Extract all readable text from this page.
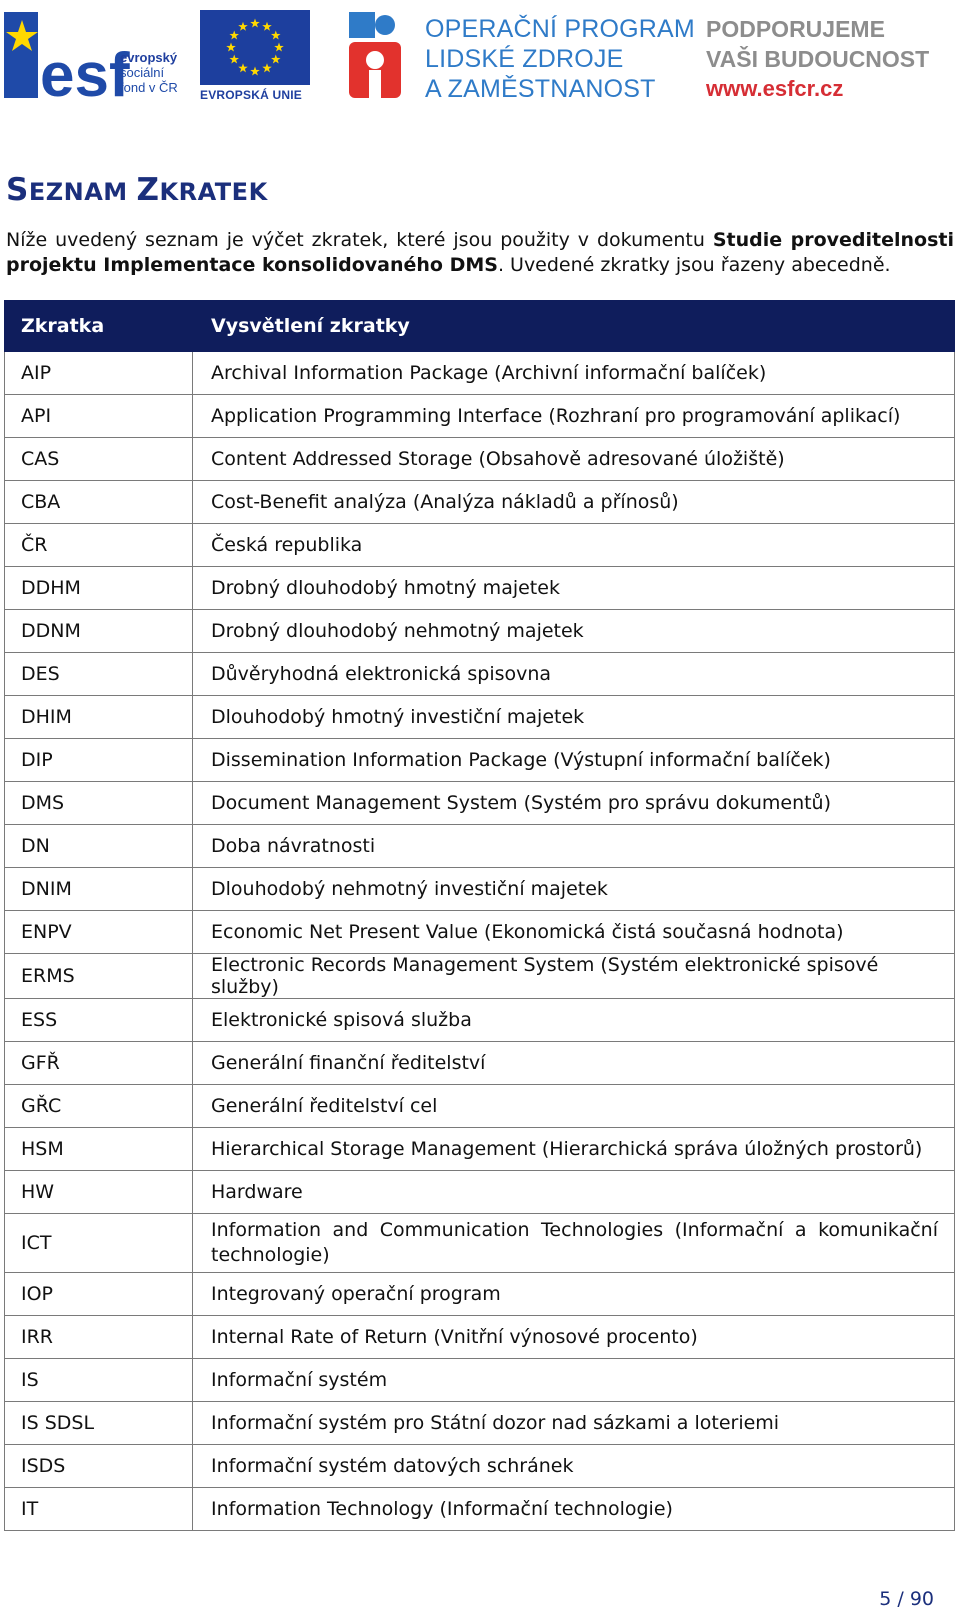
esf
evropský
sociální
fond v ČR EVROPSKÁ UNIE
OPERAČNÍ PROGRAM
LIDSKÉ ZDROJE
A ZAMĚSTNANOST
PODPORUJEME
VAŠI BUDOUCNOST
www.esfcr.cz
SEZNAM ZKRATEK
Níže uvedený seznam je výčet zkratek, které jsou použity v dokumentu Studie proveditelnosti projektu Implementace konsolidovaného DMS. Uvedené zkratky jsou řazeny abecedně.
Zkratka	Vysvětlení zkratky
AIP	Archival Information Package (Archivní informační balíček)
API	Application Programming Interface (Rozhraní pro programování aplikací)
CAS	Content Addressed Storage (Obsahově adresované úložiště)
CBA	Cost-Benefit analýza (Analýza nákladů a přínosů)
ČR	Česká republika
DDHM	Drobný dlouhodobý hmotný majetek
DDNM	Drobný dlouhodobý nehmotný majetek
DES	Důvěryhodná elektronická spisovna
DHIM	Dlouhodobý hmotný investiční majetek
DIP	Dissemination Information Package (Výstupní informační balíček)
DMS	Document Management System (Systém pro správu dokumentů)
DN	Doba návratnosti
DNIM	Dlouhodobý nehmotný investiční majetek
ENPV	Economic Net Present Value (Ekonomická čistá současná hodnota)
ERMS	Electronic Records Management System (Systém elektronické spisové služby)
ESS	Elektronické spisová služba
GFŘ	Generální finanční ředitelství
GŘC	Generální ředitelství cel
HSM	Hierarchical Storage Management (Hierarchická správa úložných prostorů)
HW	Hardware
ICT	Information and Communication Technologies (Informační a komunikační technologie)
IOP	Integrovaný operační program
IRR	Internal Rate of Return (Vnitřní výnosové procento)
IS	Informační systém
IS SDSL	Informační systém pro Státní dozor nad sázkami a loteriemi
ISDS	Informační systém datových schránek
IT	Information Technology (Informační technologie)
5 / 90
